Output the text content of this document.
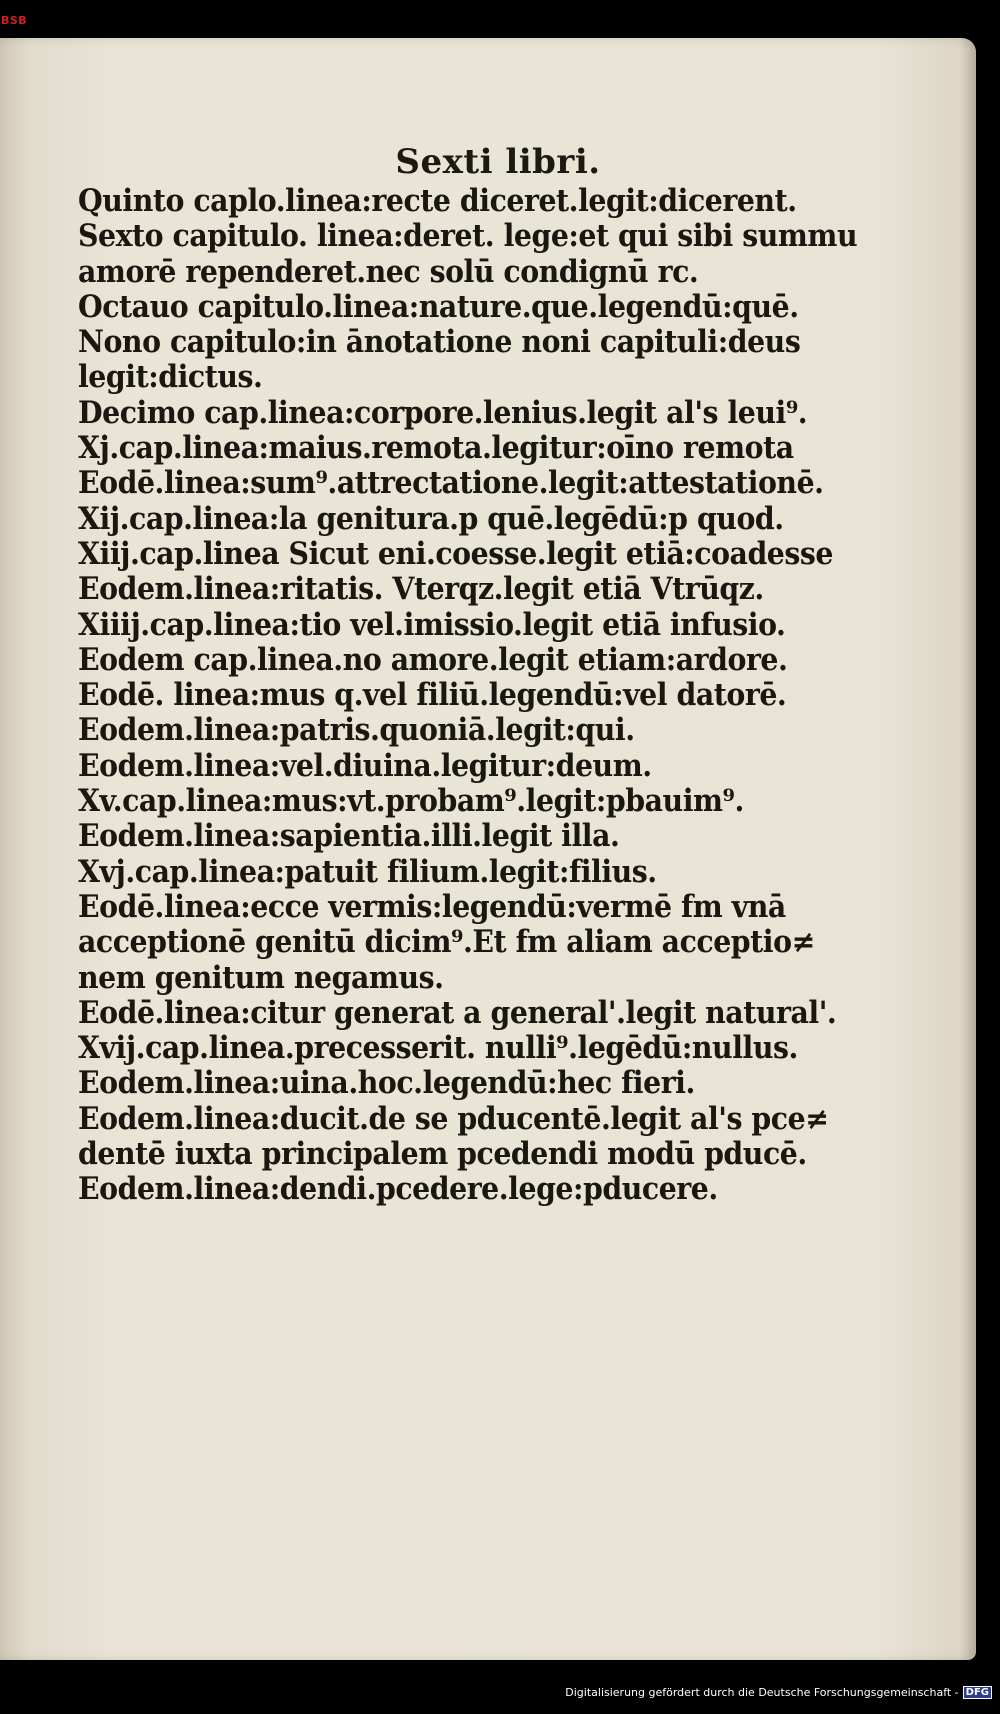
BSB
Sexti libri.
Quinto caplo.linea:recte diceret.legit:dicerent.
Sexto capitulo. linea:deret. lege:et qui sibi summu
amorē rependeret.nec solū condignū rc.
Octauo capitulo.linea:nature.que.legendū:quē.
Nono capitulo:in ānotatione noni capituli:deus
legit:dictus.
Decimo cap.linea:corpore.lenius.legit al's leui⁹.
Xj.cap.linea:maius.remota.legitur:oīno remota
Eodē.linea:sum⁹.attrectatione.legit:attestationē.
Xij.cap.linea:la genitura.p quē.legēdū:p quod.
Xiij.cap.linea Sicut eni.coesse.legit etiā:coadesse
Eodem.linea:ritatis. Vterqz.legit etiā Vtrūqz.
Xiiij.cap.linea:tio vel.imissio.legit etiā infusio.
Eodem cap.linea.no amore.legit etiam:ardore.
Eodē. linea:mus q.vel filiū.legendū:vel datorē.
Eodem.linea:patris.quoniā.legit:qui.
Eodem.linea:vel.diuina.legitur:deum.
Xv.cap.linea:mus:vt.probam⁹.legit:pbauim⁹.
Eodem.linea:sapientia.illi.legit illa.
Xvj.cap.linea:patuit filium.legit:filius.
Eodē.linea:ecce vermis:legendū:vermē fm vnā
acceptionē genitū dicim⁹.Et fm aliam acceptio≠
nem genitum negamus.
Eodē.linea:citur generat a general'.legit natural'.
Xvij.cap.linea.precesserit. nulli⁹.legēdū:nullus.
Eodem.linea:uina.hoc.legendū:hec fieri.
Eodem.linea:ducit.de se pducentē.legit al's pce≠
dentē iuxta principalem pcedendi modū pducē.
Eodem.linea:dendi.pcedere.lege:pducere.
Digitalisierung gefördert durch die Deutsche Forschungsgemeinschaft - DFG
